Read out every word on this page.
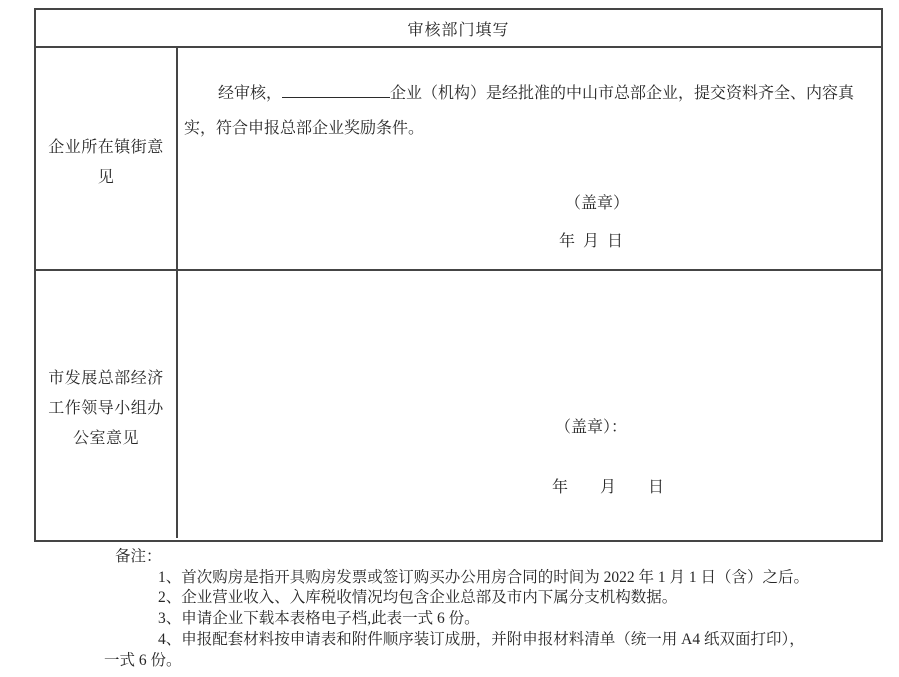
审核部门填写
企业所在镇街意
见
经审核，	企业（机构）是经批准的中山市总部企业，提交资料齐全、内容真
实，符合申报总部企业奖励条件。
（盖章）
年 月 日
市发展总部经济
工作领导小组办
公室意见
（盖章）：
年　　月　　日
备注：
1、首次购房是指开具购房发票或签订购买办公用房合同的时间为 2022 年 1 月 1 日（含）之后。
2、企业营业收入、入库税收情况均包含企业总部及市内下属分支机构数据。
3、申请企业下载本表格电子档,此表一式 6 份。
4、申报配套材料按申请表和附件顺序装订成册，并附申报材料清单（统一用 A4 纸双面打印），
一式 6 份。
